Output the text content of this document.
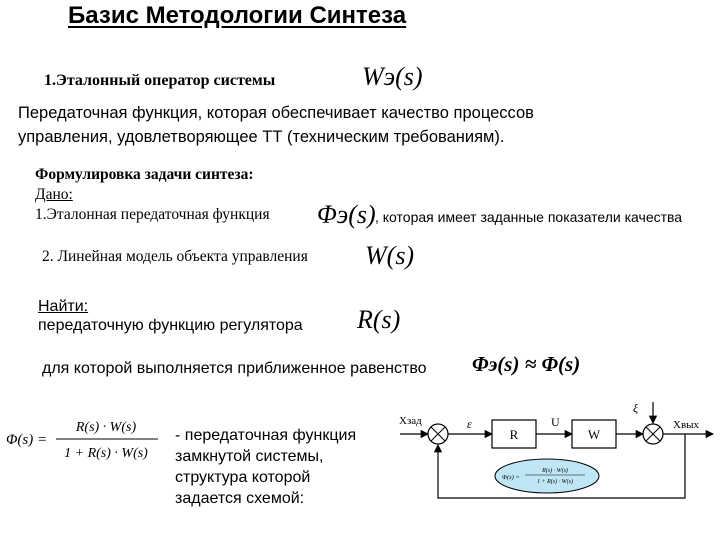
Базис Методологии Синтеза
1.Эталонный оператор системы	Wэ(s)
Передаточная функция, которая обеспечивает качество процессов
управления, удовлетворяющее ТТ (техническим требованиям).
Формулировка задачи синтеза:
Дано:
1.Эталонная передаточная функция Φэ(s) , которая имеет заданные показатели качества
2. Линейная модель объекта управления W(s)
Найти:
передаточную функцию регулятора R(s)
для которой выполняется приближенное равенство Φэ(s) ≈ Φ(s)
Φ(s) =
R(s) · W(s)
1 + R(s) · W(s)
- передаточная функция
замкнутой системы,
структура которой
задается схемой:
Xзад	ε	U
ξ
Xвых
R	W
Φ(s) =
R(s) · W(s)
1 + R(s) · W(s)
